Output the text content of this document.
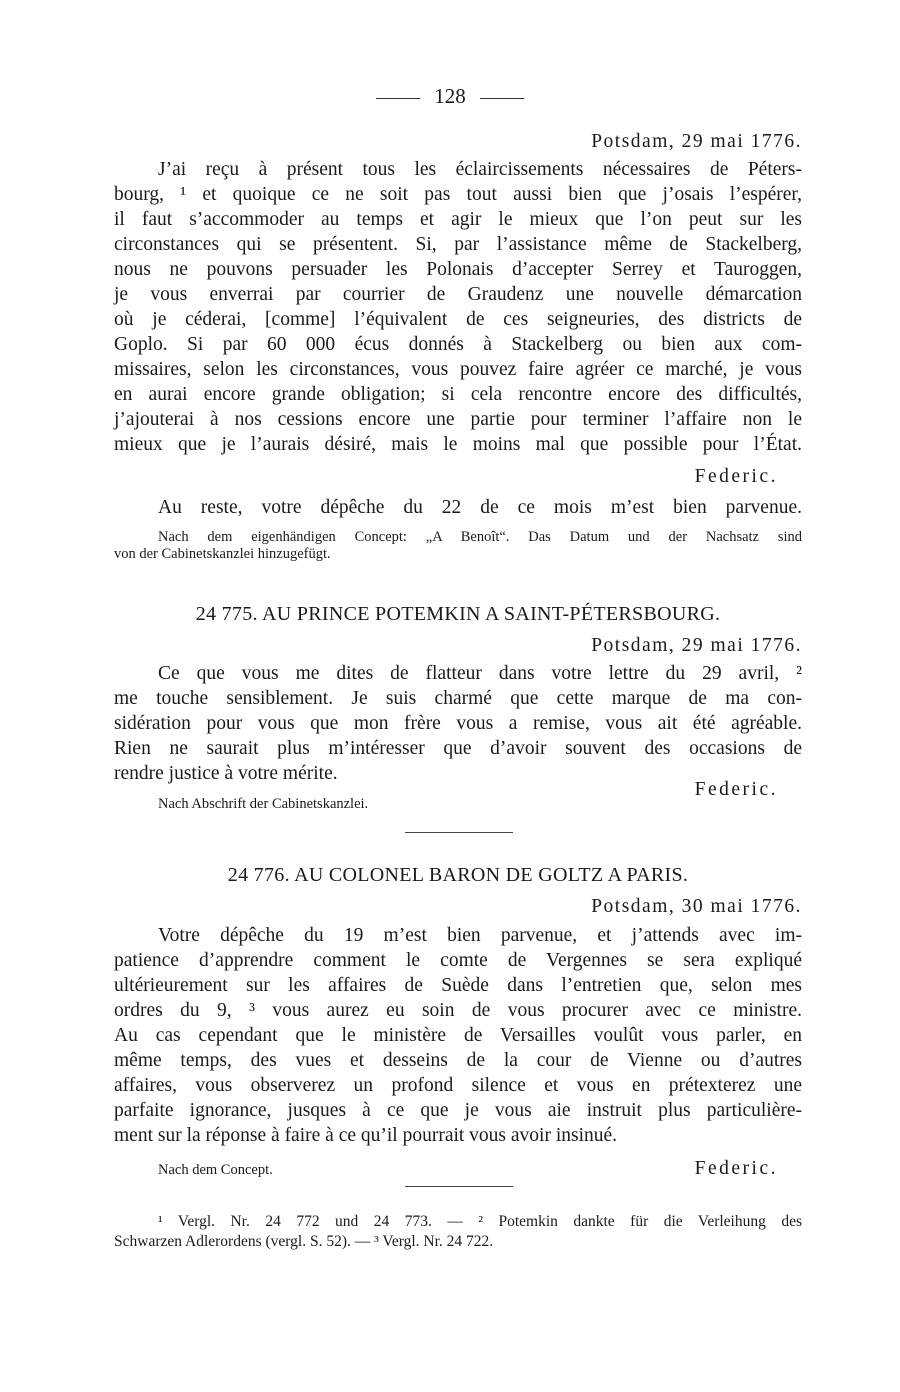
128
Potsdam, 29 mai 1776.
J’ai reçu à présent tous les éclaircissements nécessaires de Péters-
bourg, ¹ et quoique ce ne soit pas tout aussi bien que j’osais l’espérer,
il faut s’accommoder au temps et agir le mieux que l’on peut sur les
circonstances qui se présentent. Si, par l’assistance même de Stackelberg,
nous ne pouvons persuader les Polonais d’accepter Serrey et Tauroggen,
je vous enverrai par courrier de Graudenz une nouvelle démarcation
où je céderai, [comme] l’équivalent de ces seigneuries, des districts de
Goplo. Si par 60 000 écus donnés à Stackelberg ou bien aux com-
missaires, selon les circonstances, vous pouvez faire agréer ce marché, je vous
en aurai encore grande obligation; si cela rencontre encore des difficultés,
j’ajouterai à nos cessions encore une partie pour terminer l’affaire non le
mieux que je l’aurais désiré, mais le moins mal que possible pour l’État.
Federic.
Au reste, votre dépêche du 22 de ce mois m’est bien parvenue.
Nach dem eigenhändigen Concept: „A Benoît“. Das Datum und der Nachsatz sind
von der Cabinetskanzlei hinzugefügt.
24 775. AU PRINCE POTEMKIN A SAINT-PÉTERSBOURG.
Potsdam, 29 mai 1776.
Ce que vous me dites de flatteur dans votre lettre du 29 avril, ²
me touche sensiblement. Je suis charmé que cette marque de ma con-
sidération pour vous que mon frère vous a remise, vous ait été agréable.
Rien ne saurait plus m’intéresser que d’avoir souvent des occasions de
rendre justice à votre mérite.
Federic.
Nach Abschrift der Cabinetskanzlei.
24 776. AU COLONEL BARON DE GOLTZ A PARIS.
Potsdam, 30 mai 1776.
Votre dépêche du 19 m’est bien parvenue, et j’attends avec im-
patience d’apprendre comment le comte de Vergennes se sera expliqué
ultérieurement sur les affaires de Suède dans l’entretien que, selon mes
ordres du 9, ³ vous aurez eu soin de vous procurer avec ce ministre.
Au cas cependant que le ministère de Versailles voulût vous parler, en
même temps, des vues et desseins de la cour de Vienne ou d’autres
affaires, vous observerez un profond silence et vous en prétexterez une
parfaite ignorance, jusques à ce que je vous aie instruit plus particulière-
ment sur la réponse à faire à ce qu’il pourrait vous avoir insinué.
Nach dem Concept.	Federic.
¹ Vergl. Nr. 24 772 und 24 773. — ² Potemkin dankte für die Verleihung des
Schwarzen Adlerordens (vergl. S. 52). — ³ Vergl. Nr. 24 722.
